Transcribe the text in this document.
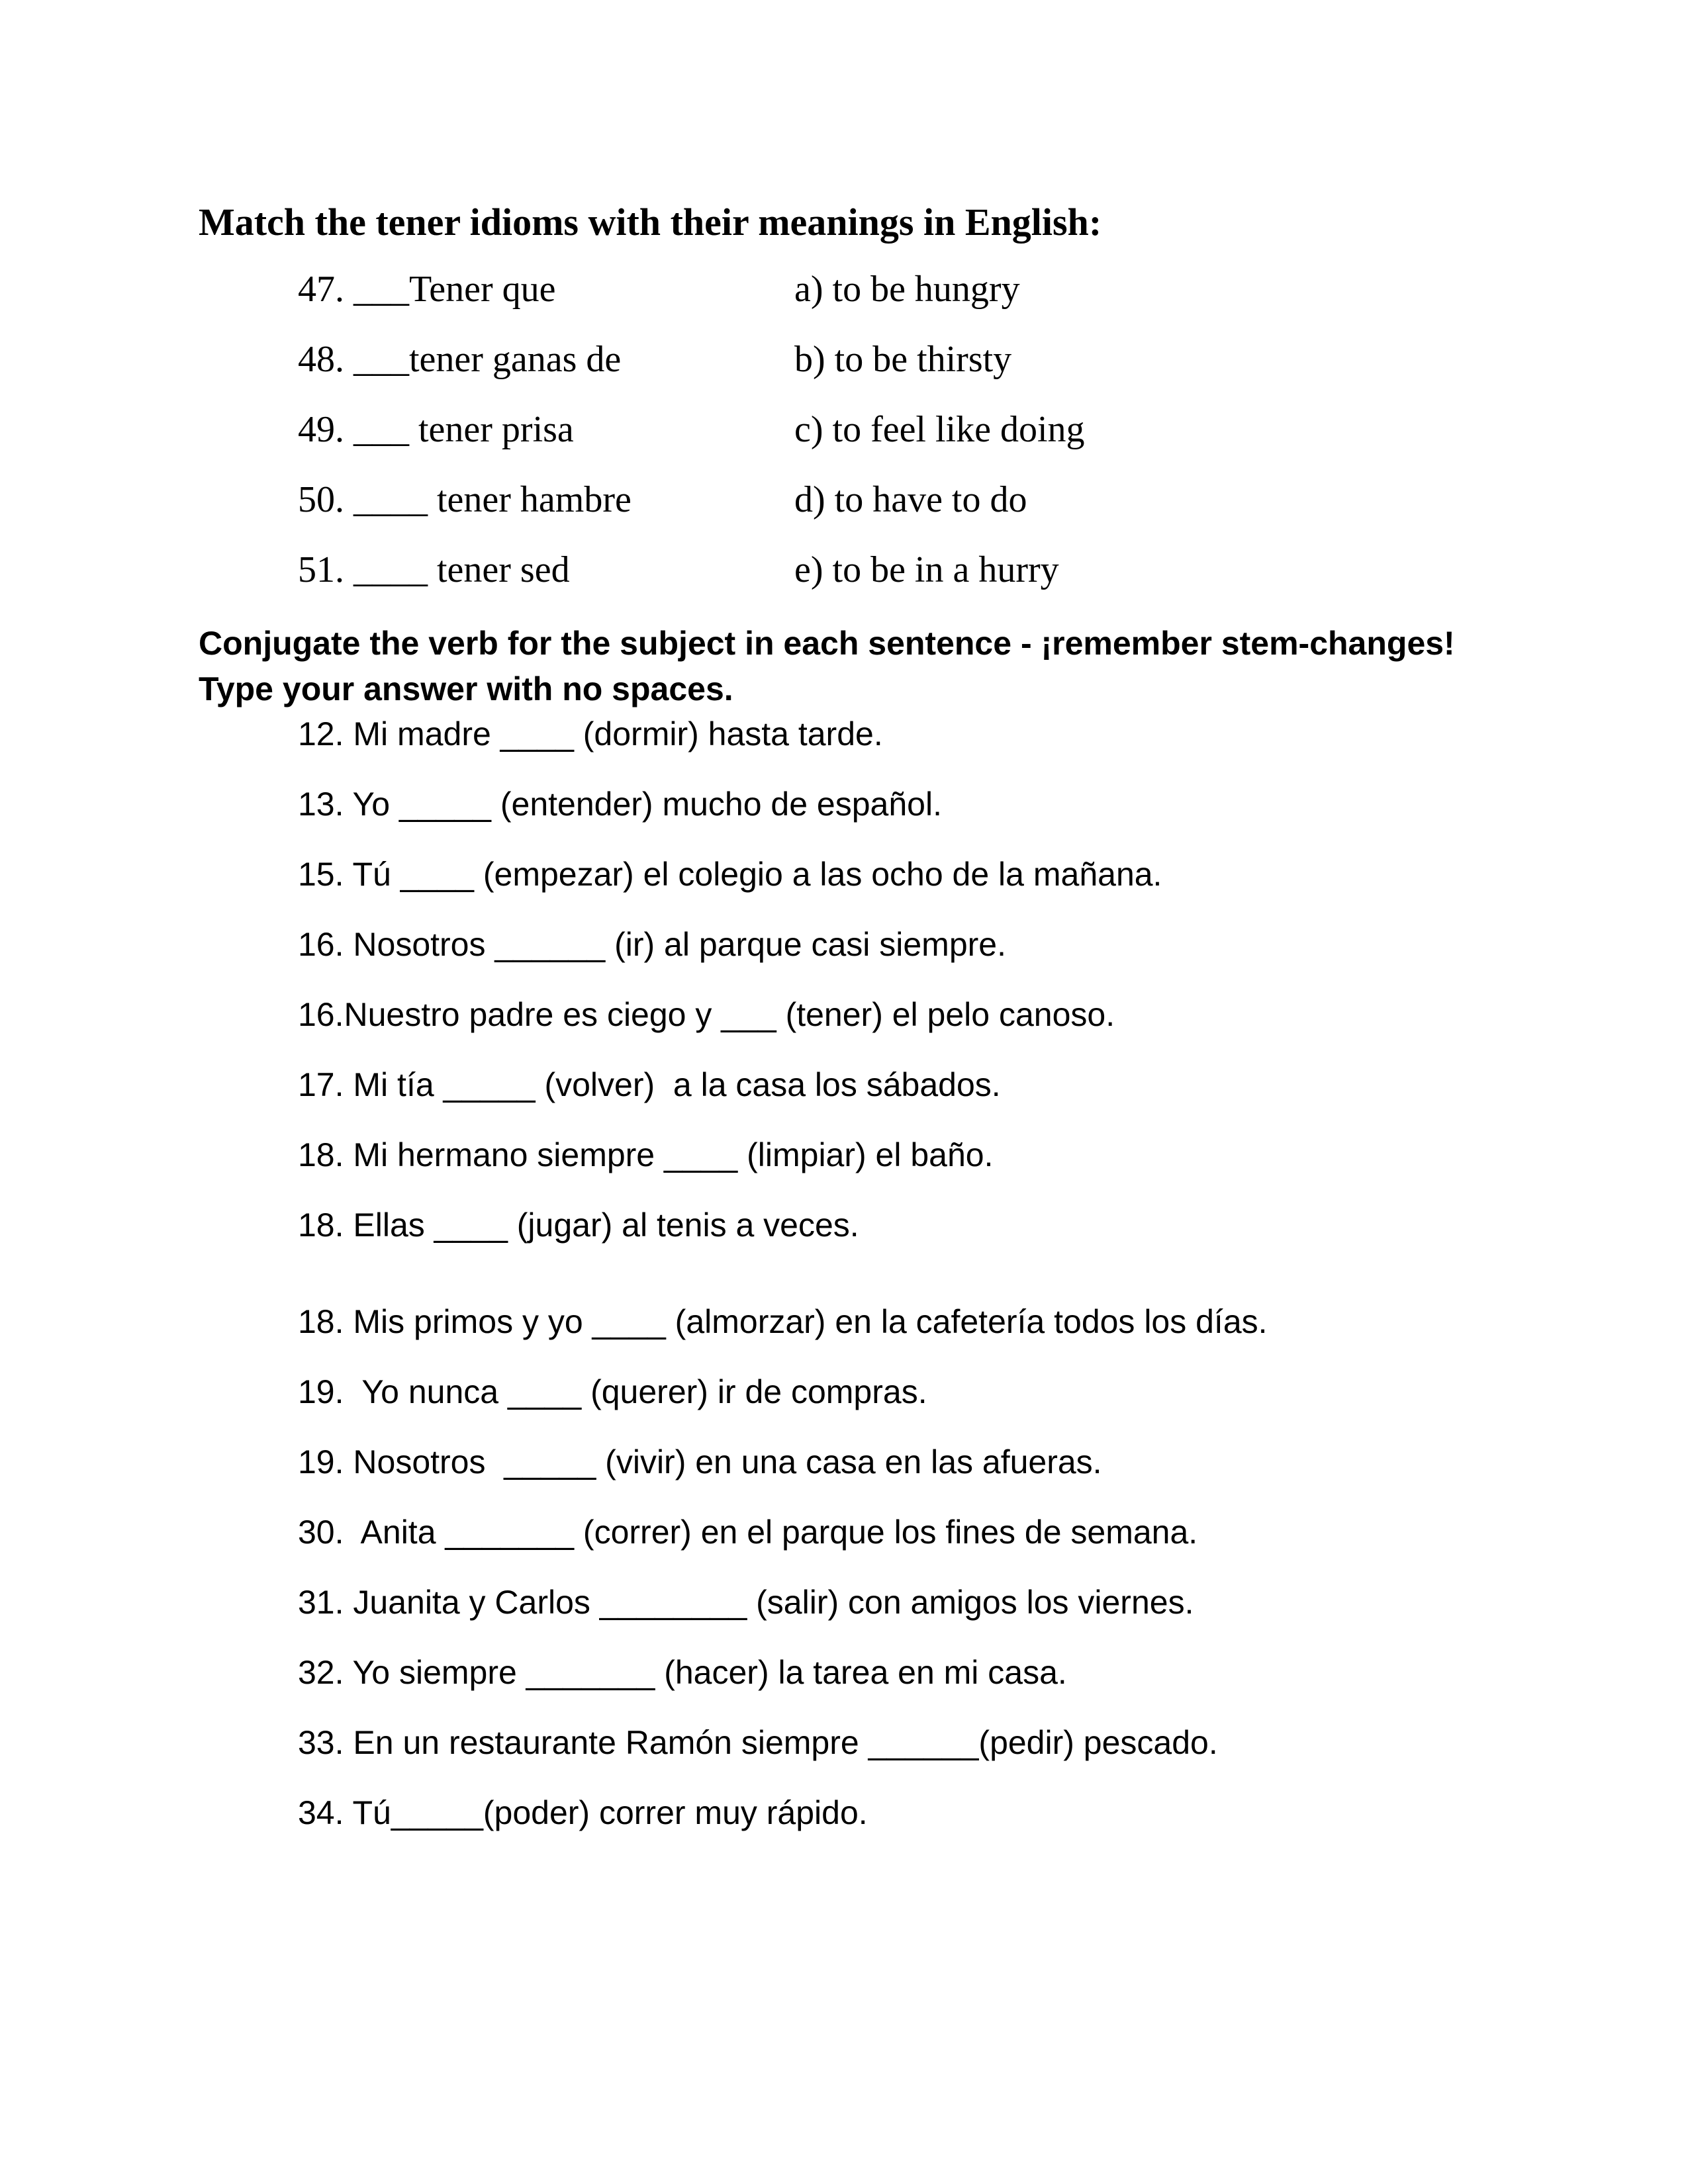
Match the tener idioms with their meanings in English:
47. ___Tener que	a) to be hungry
48. ___tener ganas de	b) to be thirsty
49. ___ tener prisa	c) to feel like doing
50. ____ tener hambre	d) to have to do
51. ____ tener sed	e) to be in a hurry
Conjugate the verb for the subject in each sentence - ¡remember stem-changes!
Type your answer with no spaces.
12. Mi madre ____ (dormir) hasta tarde.
13. Yo _____ (entender) mucho de español.
15. Tú ____ (empezar) el colegio a las ocho de la mañana.
16. Nosotros ______ (ir) al parque casi siempre.
16.Nuestro padre es ciego y ___ (tener) el pelo canoso.
17. Mi tía _____ (volver)  a la casa los sábados.
18. Mi hermano siempre ____ (limpiar) el baño.
18. Ellas ____ (jugar) al tenis a veces.
18. Mis primos y yo ____ (almorzar) en la cafetería todos los días.
19.  Yo nunca ____ (querer) ir de compras.
19. Nosotros  _____ (vivir) en una casa en las afueras.
30.  Anita _______ (correr) en el parque los fines de semana.
31. Juanita y Carlos ________ (salir) con amigos los viernes.
32. Yo siempre _______ (hacer) la tarea en mi casa.
33. En un restaurante Ramón siempre ______(pedir) pescado.
34. Tú_____(poder) correr muy rápido.
